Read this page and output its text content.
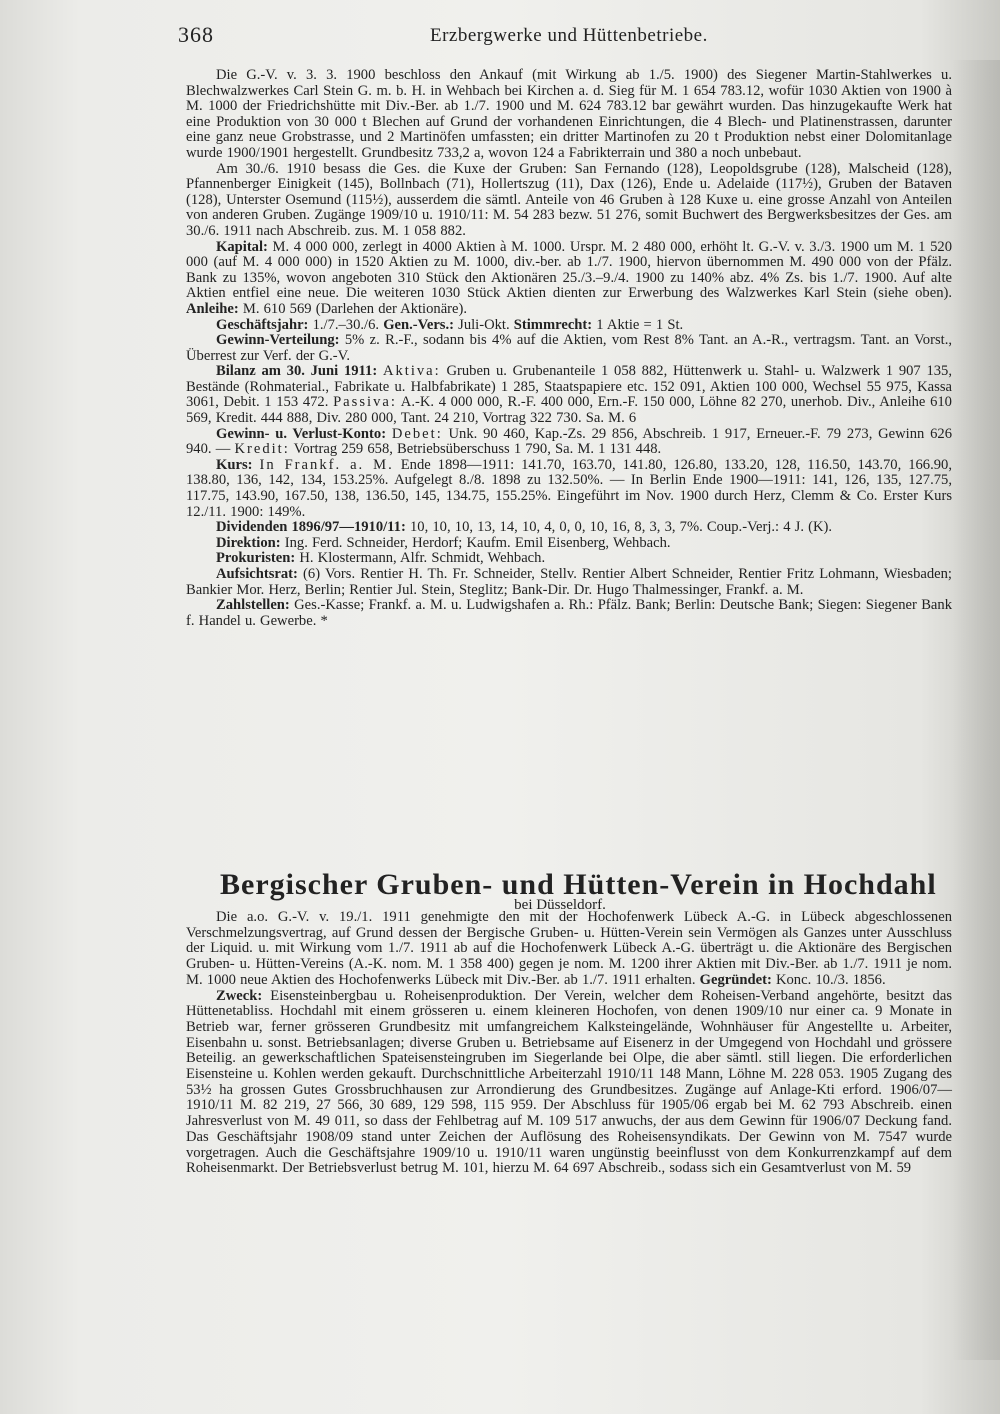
368	Erzbergwerke und Hüttenbetriebe.

Die G.-V. v. 3. 3. 1900 beschloss den Ankauf (mit Wirkung ab 1./5. 1900) des Siegener Martin-Stahlwerkes u. Blechwalzwerkes Carl Stein G. m. b. H. in Wehbach bei Kirchen a. d. Sieg für M. 1 654 783.12, wofür 1030 Aktien von 1900 à M. 1000 der Friedrichshütte mit Div.-Ber. ab 1./7. 1900 und M. 624 783.12 bar gewährt wurden. Das hinzugekaufte Werk hat eine Produktion von 30 000 t Blechen auf Grund der vorhandenen Einrichtungen, die 4 Blech- und Platinenstrassen, darunter eine ganz neue Grobstrasse, und 2 Martinöfen umfassten; ein dritter Martinofen zu 20 t Produktion nebst einer Dolomitanlage wurde 1900/1901 hergestellt. Grundbesitz 733,2 a, wovon 124 a Fabrikterrain und 380 a noch unbebaut.

Am 30./6. 1910 besass die Ges. die Kuxe der Gruben: San Fernando (128), Leopoldsgrube (128), Malscheid (128), Pfannenberger Einigkeit (145), Bollnbach (71), Hollertszug (11), Dax (126), Ende u. Adelaide (117½), Gruben der Bataven (128), Unterster Osemund (115½), ausserdem die sämtl. Anteile von 46 Gruben à 128 Kuxe u. eine grosse Anzahl von Anteilen von anderen Gruben. Zugänge 1909/10 u. 1910/11: M. 54 283 bezw. 51 276, somit Buchwert des Bergwerksbesitzes der Ges. am 30./6. 1911 nach Abschreib. zus. M. 1 058 882.

Kapital: M. 4 000 000, zerlegt in 4000 Aktien à M. 1000. Urspr. M. 2 480 000, erhöht lt. G.-V. v. 3./3. 1900 um M. 1 520 000 (auf M. 4 000 000) in 1520 Aktien zu M. 1000, div.-ber. ab 1./7. 1900, hiervon übernommen M. 490 000 von der Pfälz. Bank zu 135%, wovon angeboten 310 Stück den Aktionären 25./3.–9./4. 1900 zu 140% abz. 4% Zs. bis 1./7. 1900. Auf alte Aktien entfiel eine neue. Die weiteren 1030 Stück Aktien dienten zur Erwerbung des Walzwerkes Karl Stein (siehe oben). Anleihe: M. 610 569 (Darlehen der Aktionäre).

Geschäftsjahr: 1./7.–30./6. Gen.-Vers.: Juli-Okt. Stimmrecht: 1 Aktie = 1 St.

Gewinn-Verteilung: 5% z. R.-F., sodann bis 4% auf die Aktien, vom Rest 8% Tant. an A.-R., vertragsm. Tant. an Vorst., Überrest zur Verf. der G.-V.

Bilanz am 30. Juni 1911: Aktiva: Gruben u. Grubenanteile 1 058 882, Hüttenwerk u. Stahl- u. Walzwerk 1 907 135, Bestände (Rohmaterial., Fabrikate u. Halbfabrikate) 1 285, Staatspapiere etc. 152 091, Aktien 100 000, Wechsel 55 975, Kassa 3061, Debit. 1 153 472. Passiva: A.-K. 4 000 000, R.-F. 400 000, Ern.-F. 150 000, Löhne 82 270, unerhob. Div., Anleihe 610 569, Kredit. 444 888, Div. 280 000, Tant. 24 210, Vortrag 322 730. Sa. M. 6

Gewinn- u. Verlust-Konto: Debet: Unk. 90 460, Kap.-Zs. 29 856, Abschreib. 1 917, Erneuer.-F. 79 273, Gewinn 626 940. — Kredit: Vortrag 259 658, Betriebsüberschuss 1 790, Sa. M. 1 131 448.

Kurs: In Frankf. a. M. Ende 1898—1911: 141.70, 163.70, 141.80, 126.80, 133.20, 128, 116.50, 143.70, 166.90, 138.80, 136, 142, 134, 153.25%. Aufgelegt 8./8. 1898 zu 132.50%. — In Berlin Ende 1900—1911: 141, 126, 135, 127.75, 117.75, 143.90, 167.50, 138, 136.50, 145, 134.75, 155.25%. Eingeführt im Nov. 1900 durch Herz, Clemm & Co. Erster Kurs 12./11. 1900: 149%.

Dividenden 1896/97—1910/11: 10, 10, 10, 13, 14, 10, 4, 0, 0, 10, 16, 8, 3, 3, 7%. Coup.-Verj.: 4 J. (K).

Direktion: Ing. Ferd. Schneider, Herdorf; Kaufm. Emil Eisenberg, Wehbach.

Prokuristen: H. Klostermann, Alfr. Schmidt, Wehbach.

Aufsichtsrat: (6) Vors. Rentier H. Th. Fr. Schneider, Stellv. Rentier Albert Schneider, Rentier Fritz Lohmann, Wiesbaden; Bankier Mor. Herz, Berlin; Rentier Jul. Stein, Steglitz; Bank-Dir. Dr. Hugo Thalmessinger, Frankf. a. M.

Zahlstellen: Ges.-Kasse; Frankf. a. M. u. Ludwigshafen a. Rh.: Pfälz. Bank; Berlin: Deutsche Bank; Siegen: Siegener Bank f. Handel u. Gewerbe. *

Bergischer Gruben- und Hütten-Verein in Hochdahl
bei Düsseldorf.

Die a.o. G.-V. v. 19./1. 1911 genehmigte den mit der Hochofenwerk Lübeck A.-G. in Lübeck abgeschlossenen Verschmelzungsvertrag, auf Grund dessen der Bergische Gruben- u. Hütten-Verein sein Vermögen als Ganzes unter Ausschluss der Liquid. u. mit Wirkung vom 1./7. 1911 ab auf die Hochofenwerk Lübeck A.-G. überträgt u. die Aktionäre des Bergischen Gruben- u. Hütten-Vereins (A.-K. nom. M. 1 358 400) gegen je nom. M. 1200 ihrer Aktien mit Div.-Ber. ab 1./7. 1911 je nom. M. 1000 neue Aktien des Hochofenwerks Lübeck mit Div.-Ber. ab 1./7. 1911 erhalten. Gegründet: Konc. 10./3. 1856.

Zweck: Eisensteinbergbau u. Roheisenproduktion. Der Verein, welcher dem Roheisen-Verband angehörte, besitzt das Hüttenetabliss. Hochdahl mit einem grösseren u. einem kleineren Hochofen, von denen 1909/10 nur einer ca. 9 Monate in Betrieb war, ferner grösseren Grundbesitz mit umfangreichem Kalksteingelände, Wohnhäuser für Angestellte u. Arbeiter, Eisenbahn u. sonst. Betriebsanlagen; diverse Gruben u. Betriebsame auf Eisenerz in der Umgegend von Hochdahl und grössere Beteilig. an gewerkschaftlichen Spateisensteingruben im Siegerlande bei Olpe, die aber sämtl. still liegen. Die erforderlichen Eisensteine u. Kohlen werden gekauft. Durchschnittliche Arbeiterzahl 1910/11 148 Mann, Löhne M. 228 053. 1905 Zugang des 53½ ha grossen Gutes Grossbruchhausen zur Arrondierung des Grundbesitzes. Zugänge auf Anlage-Kti erford. 1906/07—1910/11 M. 82 219, 27 566, 30 689, 129 598, 115 959. Der Abschluss für 1905/06 ergab bei M. 62 793 Abschreib. einen Jahresverlust von M. 49 011, so dass der Fehlbetrag auf M. 109 517 anwuchs, der aus dem Gewinn für 1906/07 Deckung fand. Das Geschäftsjahr 1908/09 stand unter Zeichen der Auflösung des Roheisensyndikats. Der Gewinn von M. 7547 wurde vorgetragen. Auch die Geschäftsjahre 1909/10 u. 1910/11 waren ungünstig beeinflusst von dem Konkurrenzkampf auf dem Roheisenmarkt. Der Betriebsverlust betrug M. 101, hierzu M. 64 697 Abschreib., sodass sich ein Gesamtverlust von M. 59
